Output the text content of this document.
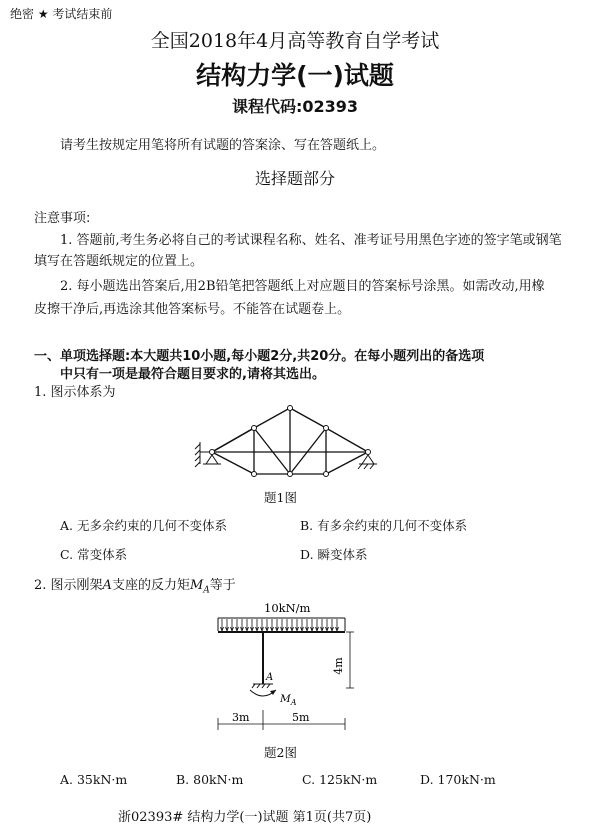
绝密 ★ 考试结束前
全国2018年4月高等教育自学考试
结构力学(一)试题
课程代码:02393
请考生按规定用笔将所有试题的答案涂、写在答题纸上。
选择题部分
注意事项:
1. 答题前,考生务必将自己的考试课程名称、姓名、准考证号用黑色字迹的签字笔或钢笔
填写在答题纸规定的位置上。
2. 每小题选出答案后,用2B铅笔把答题纸上对应题目的答案标号涂黑。如需改动,用橡
皮擦干净后,再选涂其他答案标号。不能答在试题卷上。
一、单项选择题:本大题共10小题,每小题2分,共20分。在每小题列出的备选项
中只有一项是最符合题目要求的,请将其选出。
1. 图示体系为
题1图
A. 无多余约束的几何不变体系	B. 有多余约束的几何不变体系
C. 常变体系	D. 瞬变体系
2. 图示刚架A支座的反力矩$M_A$等于
10kN/m
A
$M_A$
4m
3m	5m
题2图
A. 35kN·m	B. 80kN·m	C. 125kN·m	D. 170kN·m
浙02393# 结构力学(一)试题 第1页(共7页)
